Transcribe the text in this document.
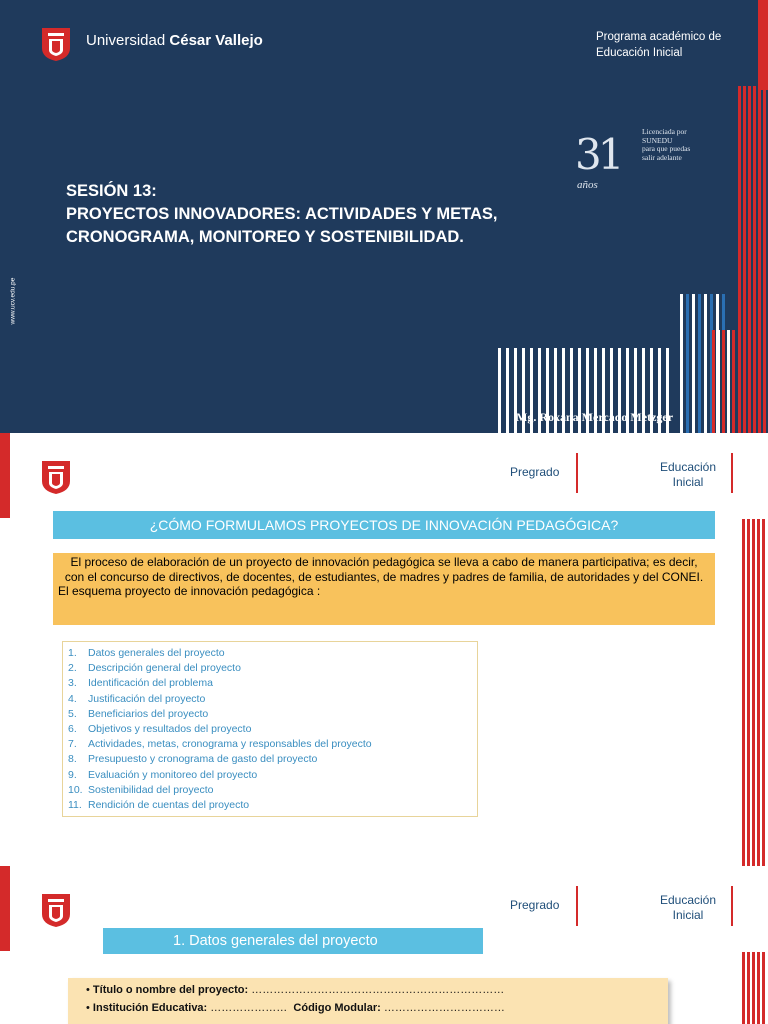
Universidad César Vallejo	Programa académico de
Educación Inicial
31
años
Licenciada por
SUNEDU
para que puedas
salir adelante
SESIÓN 13:
PROYECTOS INNOVADORES: ACTIVIDADES Y METAS,
CRONOGRAMA, MONITOREO Y SOSTENIBILIDAD.
www.ucv.edu.pe
Mg. Roxana Mercado Metzger
Pregrado	Educación
Inicial
¿CÓMO FORMULAMOS PROYECTOS DE INNOVACIÓN PEDAGÓGICA?

El proceso de elaboración de un proyecto de innovación pedagógica se lleva a cabo de manera participativa; es decir, con el concurso de directivos, de docentes, de estudiantes, de madres y padres de familia, de autoridades y del CONEI.

El esquema proyecto de innovación pedagógica :

1. Datos generales del proyecto
2. Descripción general del proyecto
3. Identificación del problema
4. Justificación del proyecto
5. Beneficiarios del proyecto
6. Objetivos y resultados del proyecto
7. Actividades, metas, cronograma y responsables del proyecto
8. Presupuesto y cronograma de gasto del proyecto
9. Evaluación y monitoreo del proyecto
10. Sostenibilidad del proyecto
11. Rendición de cuentas del proyecto
Pregrado	Educación
Inicial
1. Datos generales del proyecto
• Título o nombre del proyecto: ……………………………………………………………
• Institución Educativa: ………………… Código Modular: ……………………………
